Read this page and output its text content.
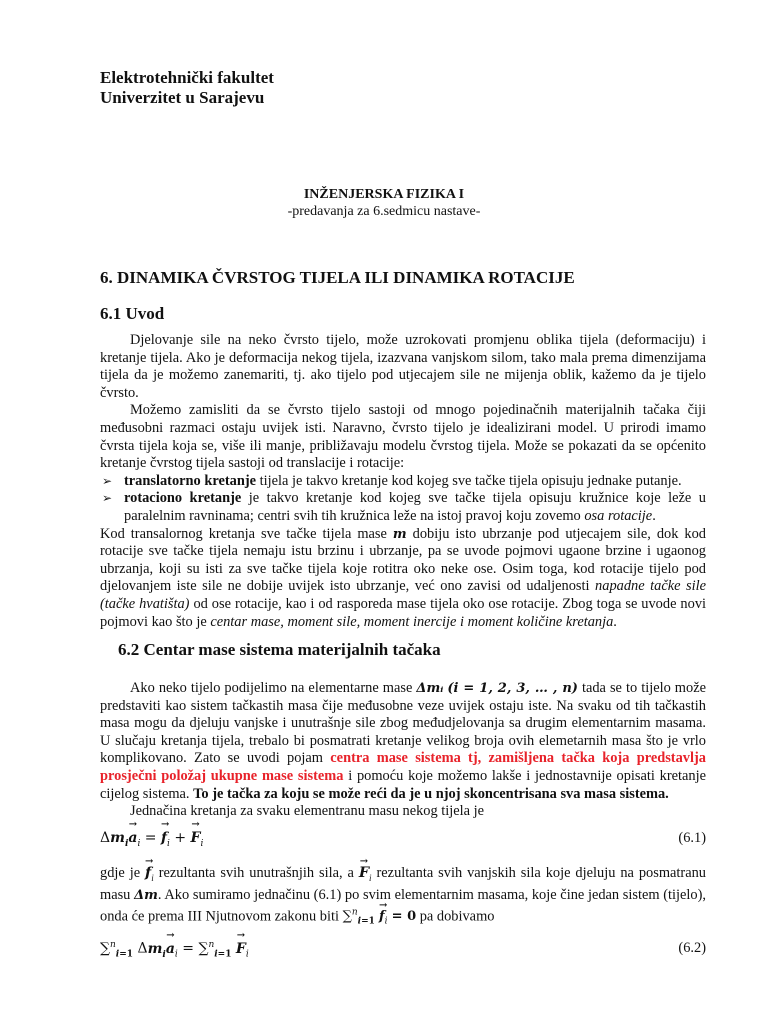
Elektrotehnički fakultet
Univerzitet u Sarajevu
INŽENJERSKA FIZIKA I
-predavanja za 6.sedmicu nastave-
6. DINAMIKA ČVRSTOG TIJELA ILI DINAMIKA ROTACIJE
6.1 Uvod

Djelovanje sile na neko čvrsto tijelo, može uzrokovati promjenu oblika tijela (deformaciju) i kretanje tijela. Ako je deformacija nekog tijela, izazvana vanjskom silom, tako mala prema dimenzijama tijela da je možemo zanemariti, tj. ako tijelo pod utjecajem sile ne mijenja oblik, kažemo da je tijelo čvrsto.

Možemo zamisliti da se čvrsto tijelo sastoji od mnogo pojedinačnih materijalnih tačaka čiji međusobni razmaci ostaju uvijek isti. Naravno, čvrsto tijelo je idealizirani model. U prirodi imamo čvrsta tijela koja se, više ili manje, približavaju modelu čvrstog tijela. Može se pokazati da se općenito kretanje čvrstog tijela sastoji od translacije i rotacije:

➢ translatorno kretanje tijela je takvo kretanje kod kojeg sve tačke tijela opisuju jednake putanje.
➢ rotaciono kretanje je takvo kretanje kod kojeg sve tačke tijela opisuju kružnice koje leže u paralelnim ravninama; centri svih tih kružnica leže na istoj pravoj koju zovemo osa rotacije.

Kod transalornog kretanja sve tačke tijela mase m dobiju isto ubrzanje pod utjecajem sile, dok kod rotacije sve tačke tijela nemaju istu brzinu i ubrzanje, pa se uvode pojmovi ugaone brzine i ugaonog ubrzanja, koji su isti za sve tačke tijela koje rotitra oko neke ose. Osim toga, kod rotacije tijelo pod djelovanjem iste sile ne dobije uvijek isto ubrzanje, već ono zavisi od udaljenosti napadne tačke sile (tačke hvatišta) od ose rotacije, kao i od rasporeda mase tijela oko ose rotacije. Zbog toga se uvode novi pojmovi kao što je centar mase, moment sile, moment inercije i moment količine kretanja.

6.2 Centar mase sistema materijalnih tačaka

Ako neko tijelo podijelimo na elementarne mase Δmᵢ (i = 1, 2, 3, … , n) tada se to tijelo može predstaviti kao sistem tačkastih masa čije međusobne veze uvijek ostaju iste. Na svaku od tih tačkastih masa mogu da djeluju vanjske i unutrašnje sile zbog međudjelovanja sa drugim elementarnim masama. U slučaju kretanja tijela, trebalo bi posmatrati kretanje velikog broja ovih elemetarnih masa što je vrlo komplikovano. Zato se uvodi pojam centra mase sistema tj, zamišljena tačka koja predstavlja prosječni položaj ukupne mase sistema i pomoću koje možemo lakše i jednostavnije opisati kretanje cijelog sistema. To je tačka za koju se može reći da je u njoj skoncentrisana sva masa sistema.

Jednačina kretanja za svaku elementranu masu nekog tijela je

$\Delta m_i\to a_i$ = → $f_i$ + → $F_i$	(6.1)

gdje je → $f_i$ rezultanta svih unutrašnjih sila, $a \to F_i$ rezultanta svih vanjskih sila koje djeluju na posmatranu masu Δm. Ako sumiramo jednačinu (6.1) po svim elementarnim masama, koje čine jedan sistem (tijelo), onda će prema III Njutnovom zakonu biti $\sum^n_{i=1} \to f_i = 0$ pa dobivamo

∑$^n_{i=1}$ $\Delta m_i\to a_i = \sum^n_{i=1} \to F_i$	(6.2)
